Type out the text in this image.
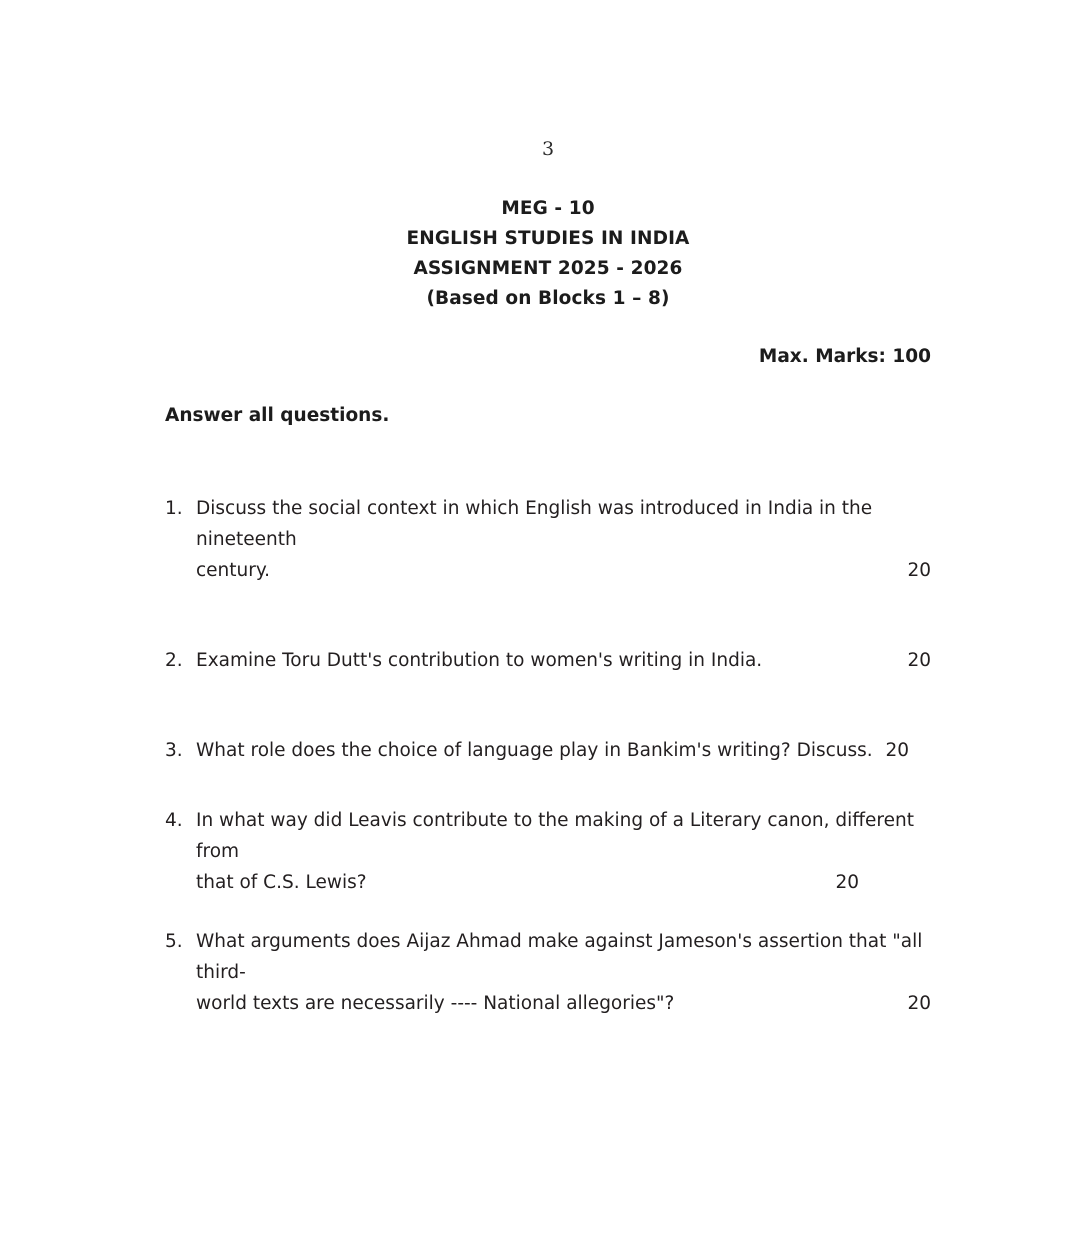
3
MEG - 10
ENGLISH STUDIES IN INDIA
ASSIGNMENT 2025 - 2026
(Based on Blocks 1 – 8)
Max. Marks: 100
Answer all questions.
1. Discuss the social context in which English was introduced in India in the nineteenth
century.	20
2. Examine Toru Dutt's contribution to women's writing in India.	20
3. What role does the choice of language play in Bankim's writing? Discuss. 20
4. In what way did Leavis contribute to the making of a Literary canon, different from
that of C.S. Lewis?	20
5. What arguments does Aijaz Ahmad make against Jameson's assertion that "all third-
world texts are necessarily ---- National allegories"?	20
